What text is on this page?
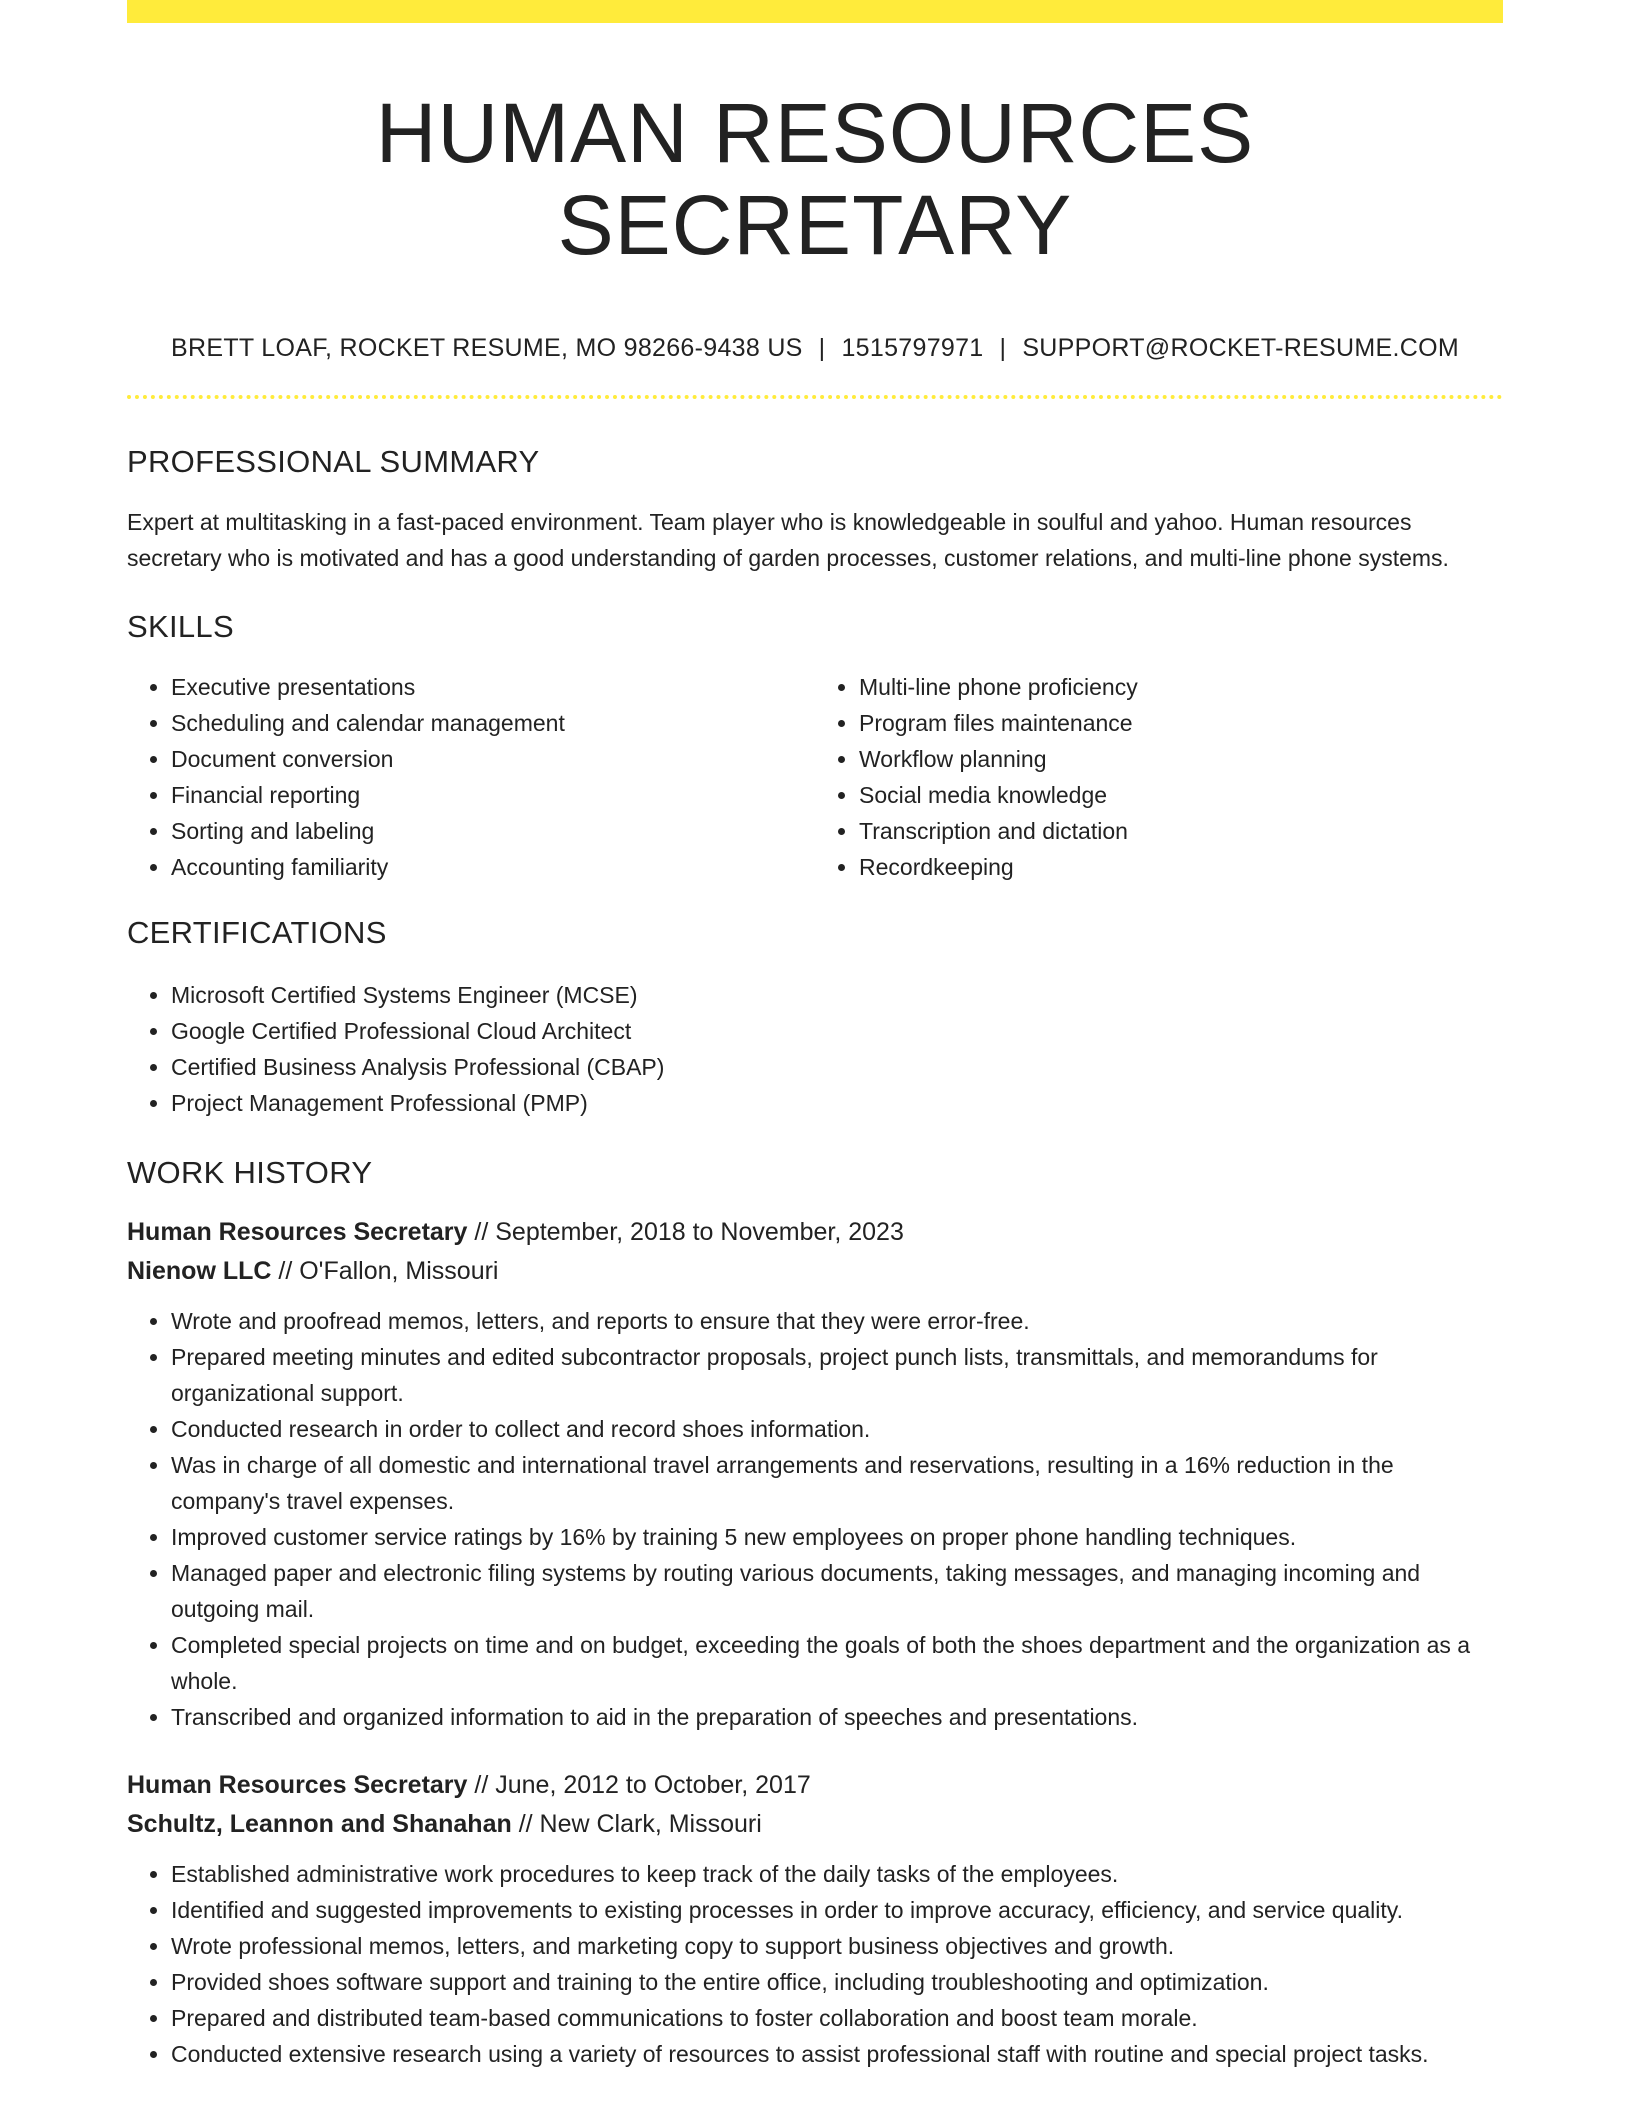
HUMAN RESOURCES SECRETARY
BRETT LOAF, ROCKET RESUME, MO 98266-9438 US | 1515797971 | SUPPORT@ROCKET-RESUME.COM
PROFESSIONAL SUMMARY

Expert at multitasking in a fast-paced environment. Team player who is knowledgeable in soulful and yahoo. Human resources secretary who is motivated and has a good understanding of garden processes, customer relations, and multi-line phone systems.

SKILLS
• Executive presentations
• Scheduling and calendar management
• Document conversion
• Financial reporting
• Sorting and labeling
• Accounting familiarity
• Multi-line phone proficiency
• Program files maintenance
• Workflow planning
• Social media knowledge
• Transcription and dictation
• Recordkeeping
CERTIFICATIONS
• Microsoft Certified Systems Engineer (MCSE)
• Google Certified Professional Cloud Architect
• Certified Business Analysis Professional (CBAP)
• Project Management Professional (PMP)
WORK HISTORY
Human Resources Secretary // September, 2018 to November, 2023
Nienow LLC // O'Fallon, Missouri
• Wrote and proofread memos, letters, and reports to ensure that they were error-free.
• Prepared meeting minutes and edited subcontractor proposals, project punch lists, transmittals, and memorandums for organizational support.
• Conducted research in order to collect and record shoes information.
• Was in charge of all domestic and international travel arrangements and reservations, resulting in a 16% reduction in the company's travel expenses.
• Improved customer service ratings by 16% by training 5 new employees on proper phone handling techniques.
• Managed paper and electronic filing systems by routing various documents, taking messages, and managing incoming and outgoing mail.
• Completed special projects on time and on budget, exceeding the goals of both the shoes department and the organization as a whole.
• Transcribed and organized information to aid in the preparation of speeches and presentations.
Human Resources Secretary // June, 2012 to October, 2017
Schultz, Leannon and Shanahan // New Clark, Missouri
• Established administrative work procedures to keep track of the daily tasks of the employees.
• Identified and suggested improvements to existing processes in order to improve accuracy, efficiency, and service quality.
• Wrote professional memos, letters, and marketing copy to support business objectives and growth.
• Provided shoes software support and training to the entire office, including troubleshooting and optimization.
• Prepared and distributed team-based communications to foster collaboration and boost team morale.
• Conducted extensive research using a variety of resources to assist professional staff with routine and special project tasks.
